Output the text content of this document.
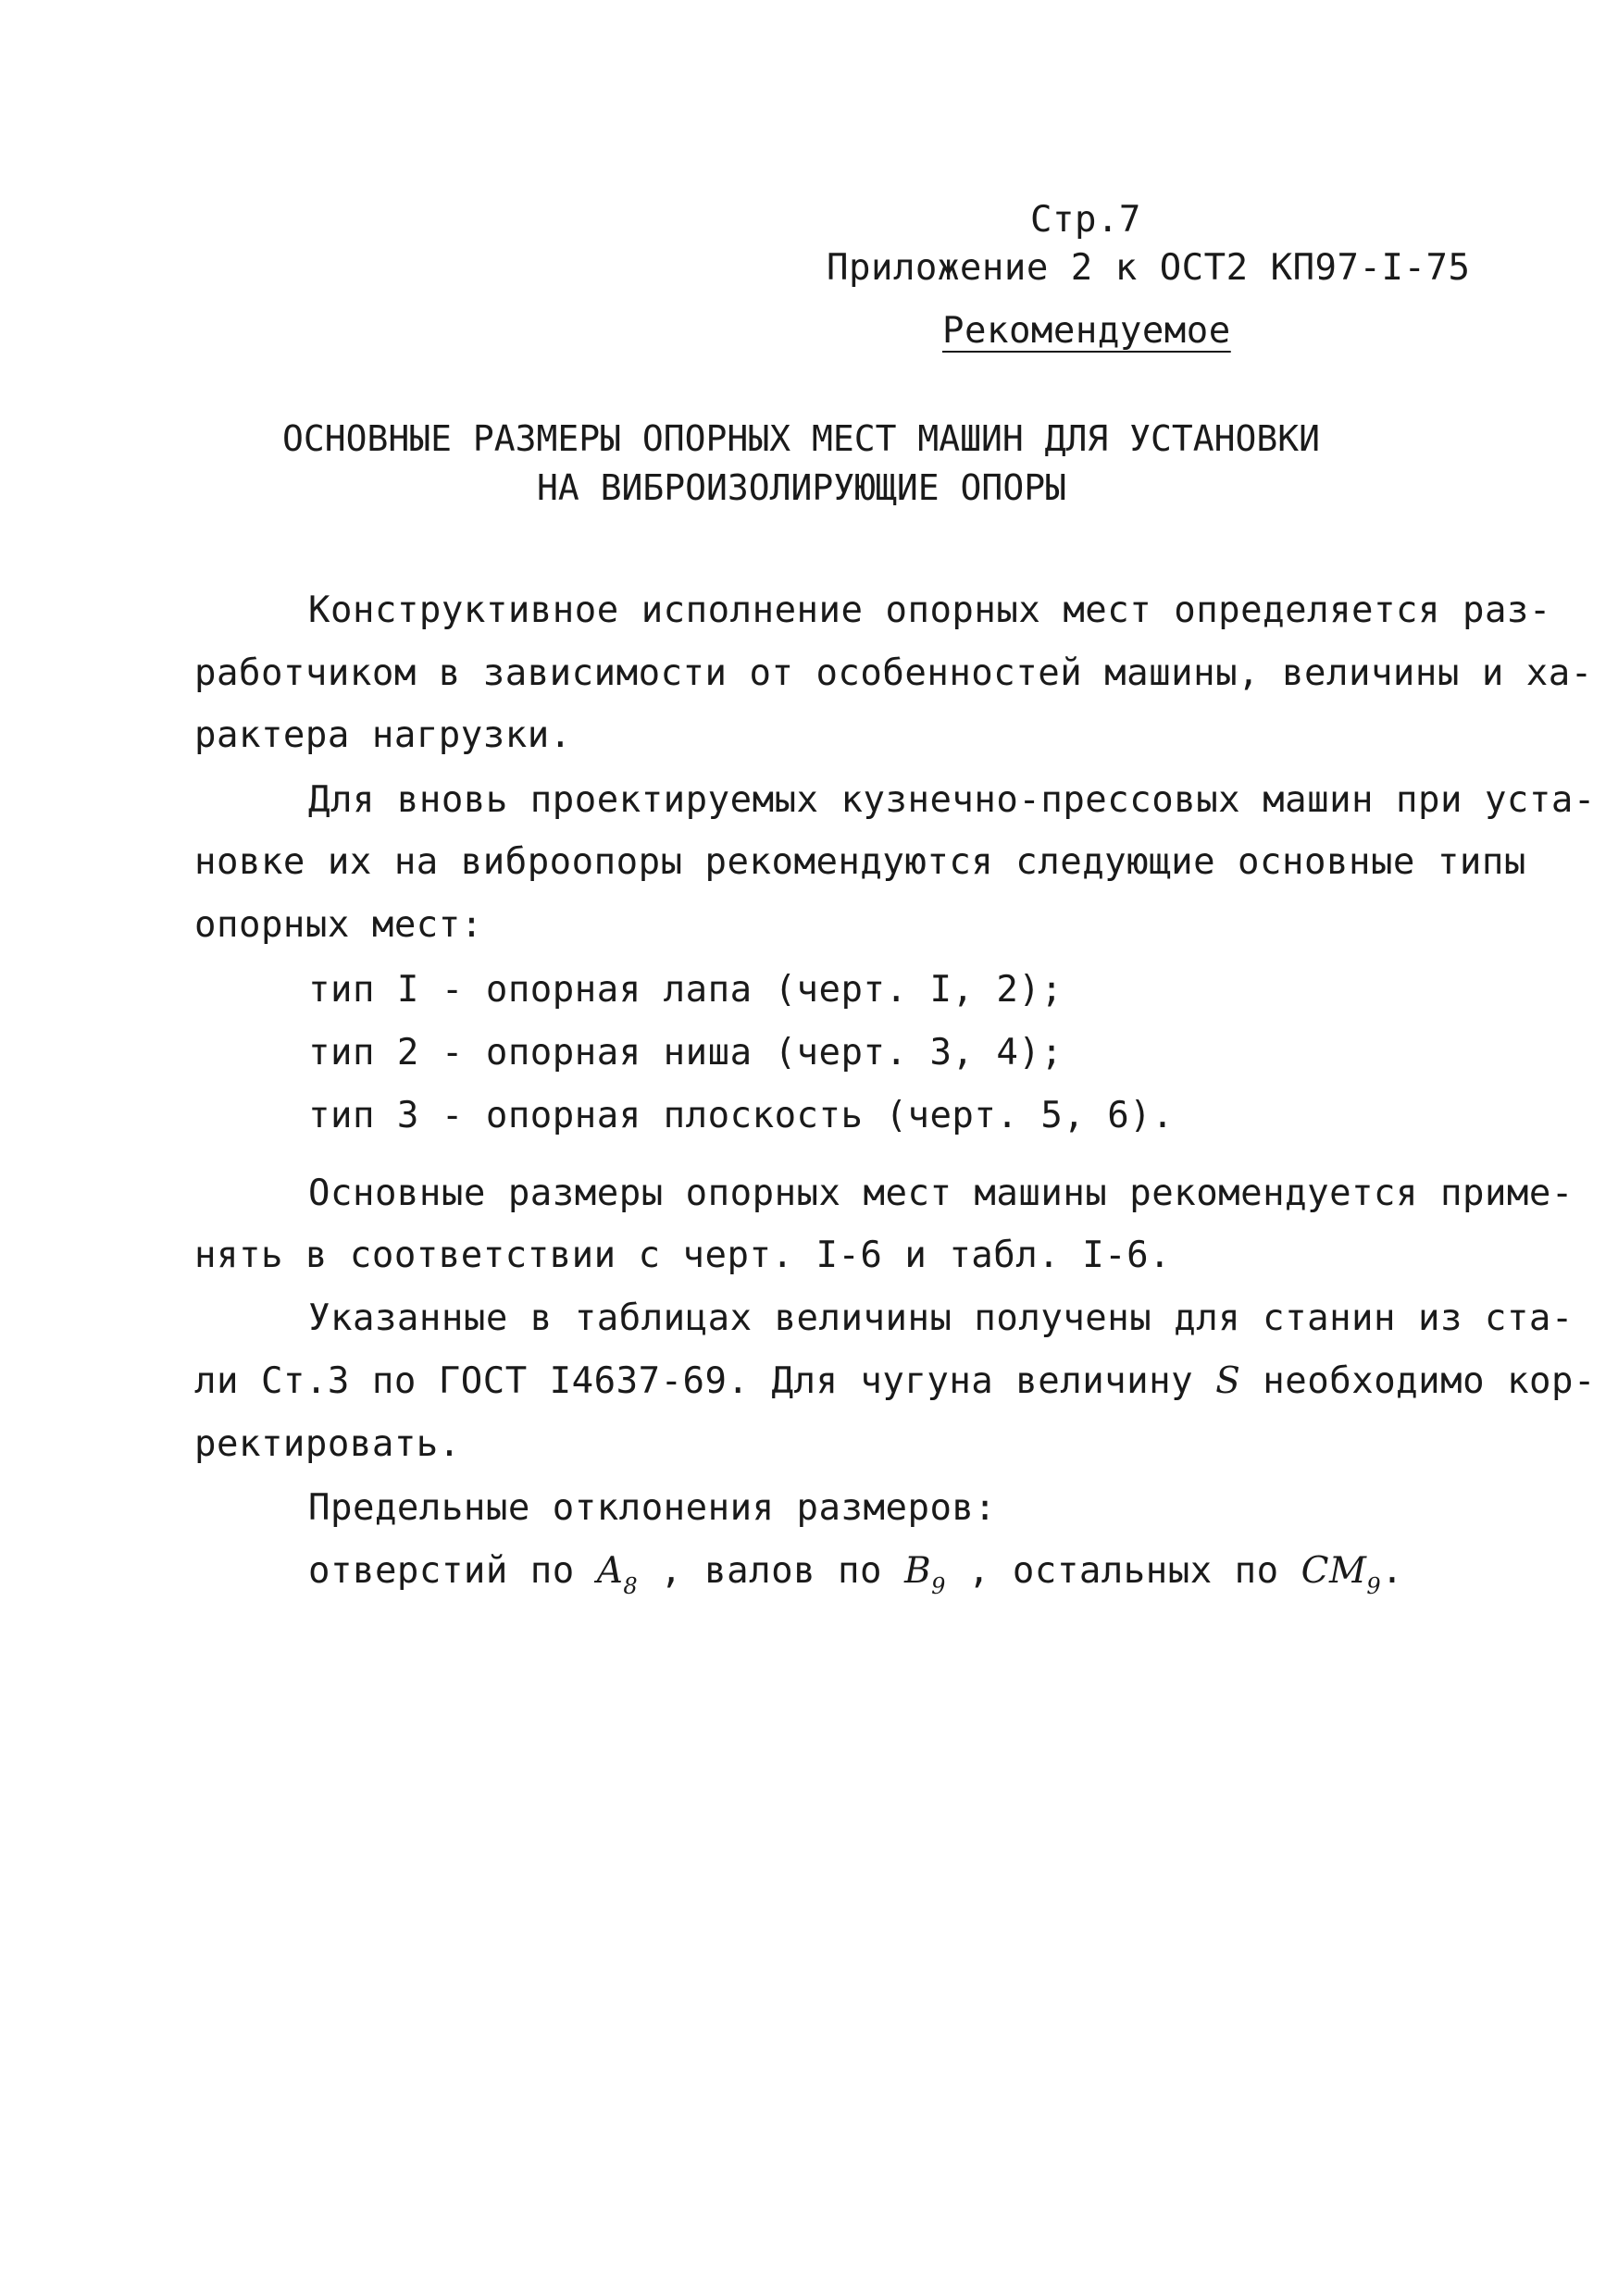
Стр.7
Приложение 2 к ОСТ2 КП97-I-75
Рекомендуемое
ОСНОВНЫЕ РАЗМЕРЫ ОПОРНЫХ МЕСТ МАШИН ДЛЯ УСТАНОВКИ
НА ВИБРОИЗОЛИРУЮЩИЕ ОПОРЫ
Конструктивное исполнение опорных мест определяется раз-
работчиком в зависимости от особенностей машины, величины и ха-
рактера нагрузки.
Для вновь проектируемых кузнечно-прессовых машин при уста-
новке их на виброопоры рекомендуются следующие основные типы
опорных мест:
тип I - опорная лапа (черт. I, 2);
тип 2 - опорная ниша (черт. 3, 4);
тип 3 - опорная плоскость (черт. 5, 6).
Основные размеры опорных мест машины рекомендуется приме-
нять в соответствии с черт. I-6 и табл. I-6.
Указанные в таблицах величины получены для станин из ста-
ли Ст.3 по ГОСТ I4637-69. Для чугуна величину S необходимо кор-
ректировать.
Предельные отклонения размеров:
отверстий по $A_8$ , валов по $B_9$ , остальных по $CM_9$.
